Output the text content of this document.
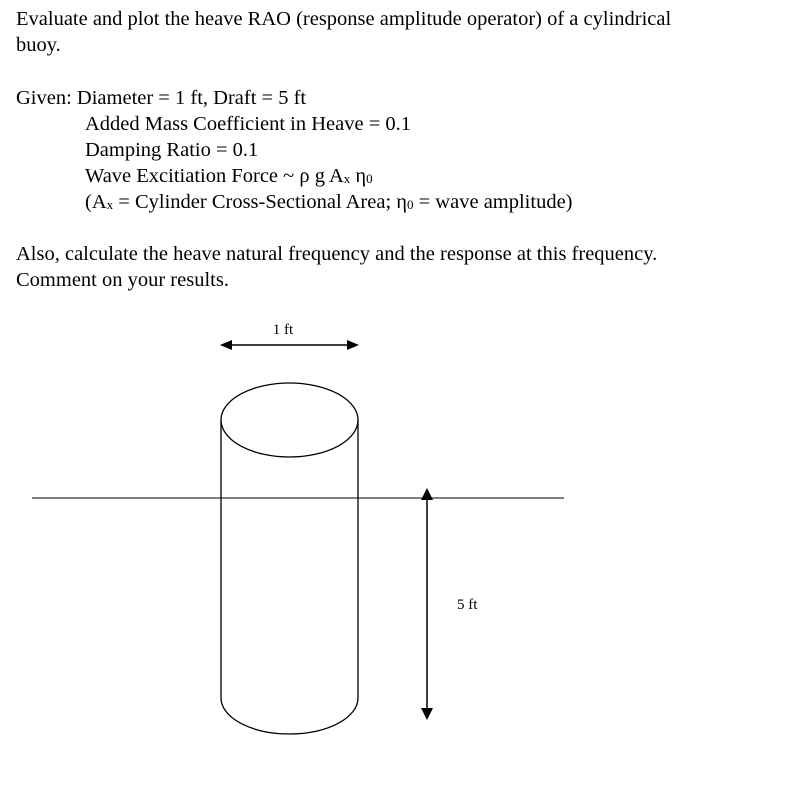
Evaluate and plot the heave RAO (response amplitude operator) of a cylindrical
buoy.
Given: Diameter = 1 ft, Draft = 5 ft
Added Mass Coefficient in Heave = 0.1
Damping Ratio = 0.1
Wave Excitiation Force ~ ρ g Ax η0
(Ax = Cylinder Cross-Sectional Area; η0 = wave amplitude)
Also, calculate the heave natural frequency and the response at this frequency.
Comment on your results.
1 ft
5 ft
